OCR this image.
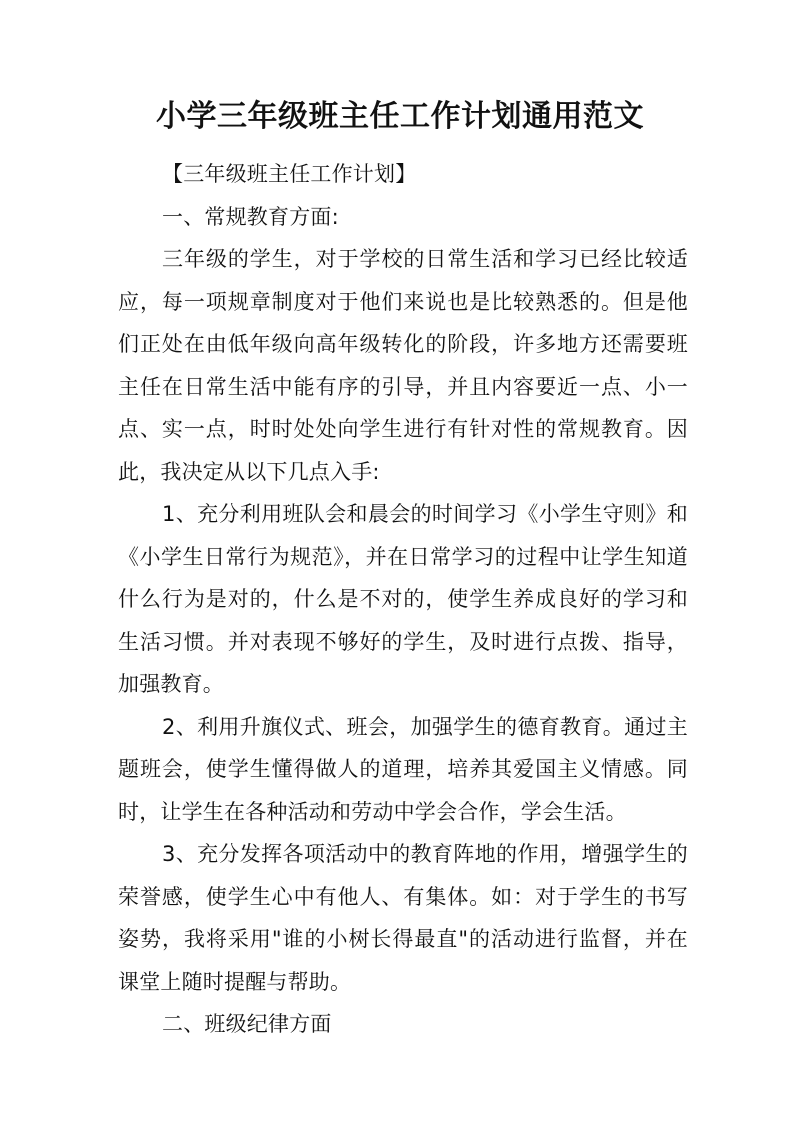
小学三年级班主任工作计划通用范文

【三年级班主任工作计划】

一、常规教育方面:

三年级的学生，对于学校的日常生活和学习已经比较适应，每一项规章制度对于他们来说也是比较熟悉的。但是他们正处在由低年级向高年级转化的阶段，许多地方还需要班主任在日常生活中能有序的引导，并且内容要近一点、小一点、实一点，时时处处向学生进行有针对性的常规教育。因此，我决定从以下几点入手:

1、充分利用班队会和晨会的时间学习《小学生守则》和《小学生日常行为规范》，并在日常学习的过程中让学生知道什么行为是对的，什么是不对的，使学生养成良好的学习和生活习惯。并对表现不够好的学生，及时进行点拨、指导，加强教育。

2、利用升旗仪式、班会，加强学生的德育教育。通过主题班会，使学生懂得做人的道理，培养其爱国主义情感。同时，让学生在各种活动和劳动中学会合作，学会生活。

3、充分发挥各项活动中的教育阵地的作用，增强学生的荣誉感，使学生心中有他人、有集体。如：对于学生的书写姿势，我将采用"谁的小树长得最直"的活动进行监督，并在课堂上随时提醒与帮助。

二、班级纪律方面
